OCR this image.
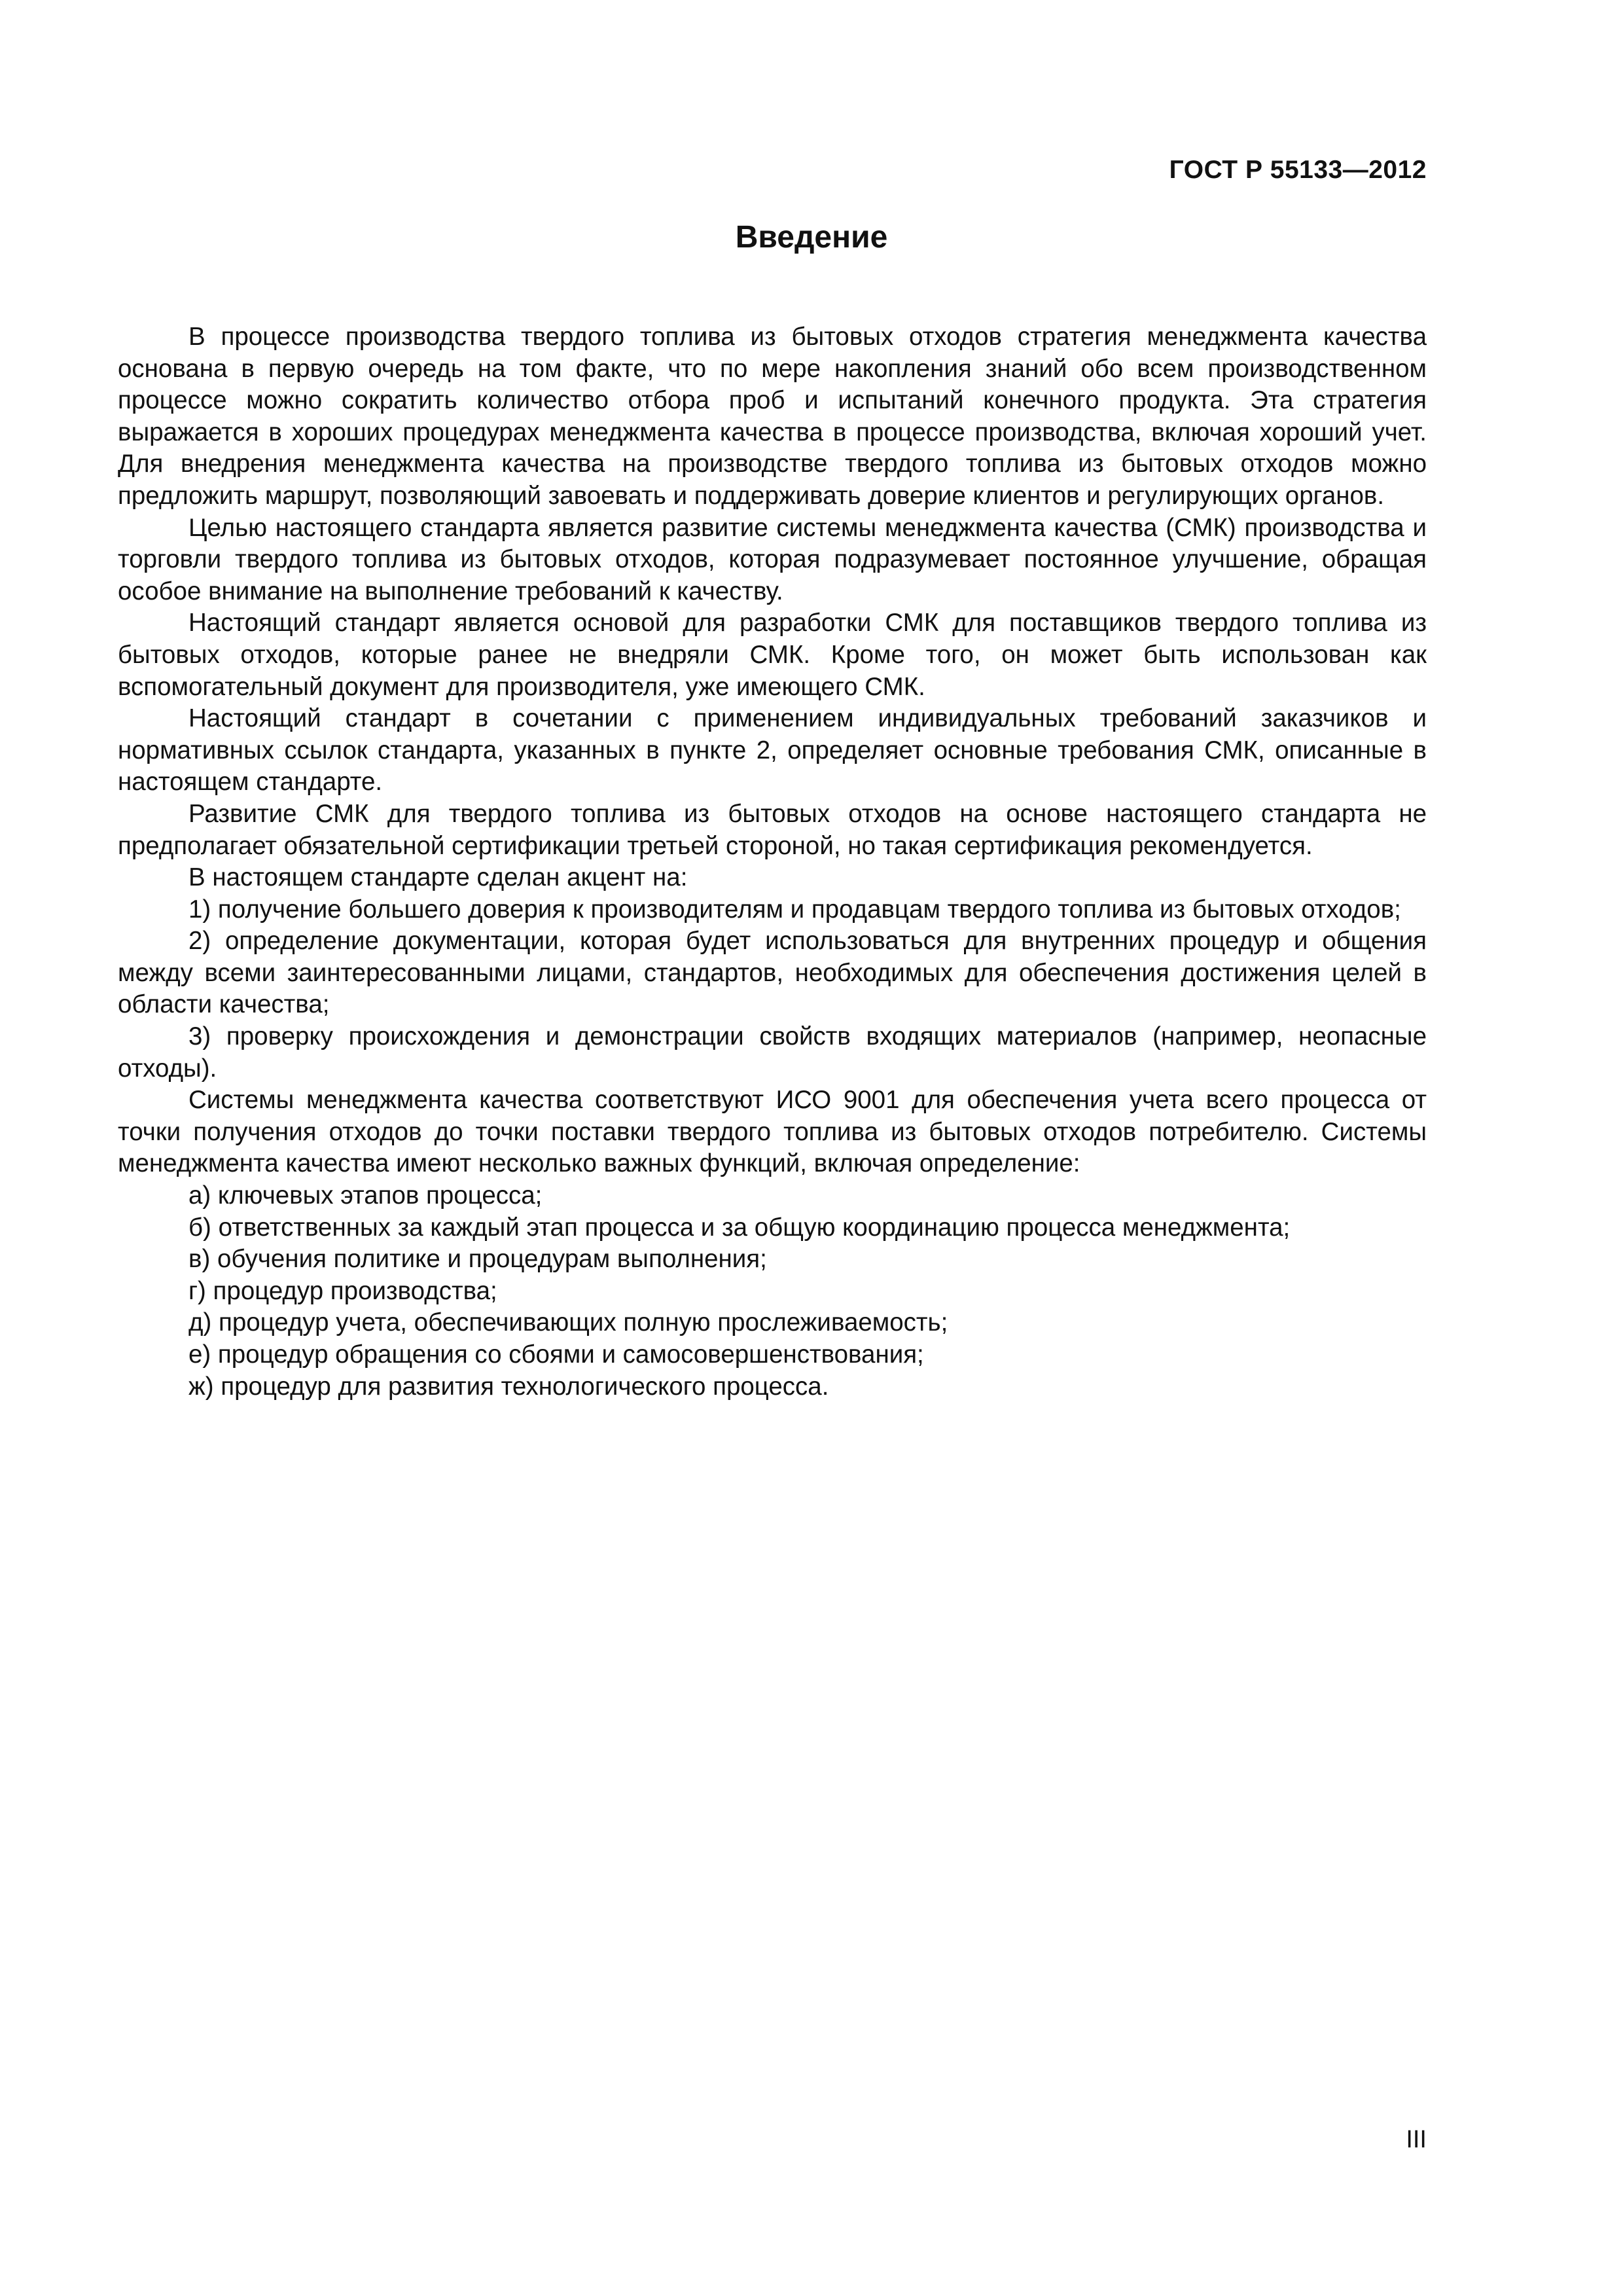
ГОСТ Р 55133—2012
Введение

В процессе производства твердого топлива из бытовых отходов стратегия менеджмента качества основана в первую очередь на том факте, что по мере накопления знаний обо всем производственном процессе можно сократить количество отбора проб и испытаний конечного продукта. Эта стратегия выражается в хороших процедурах менеджмента качества в процессе производства, включая хороший учет. Для внедрения менеджмента качества на производстве твердого топлива из бытовых отходов можно предложить маршрут, позволяющий завоевать и поддерживать доверие клиентов и регулирующих органов.

Целью настоящего стандарта является развитие системы менеджмента качества (СМК) производства и торговли твердого топлива из бытовых отходов, которая подразумевает постоянное улучшение, обращая особое внимание на выполнение требований к качеству.

Настоящий стандарт является основой для разработки СМК для поставщиков твердого топлива из бытовых отходов, которые ранее не внедряли СМК. Кроме того, он может быть использован как вспомогательный документ для производителя, уже имеющего СМК.

Настоящий стандарт в сочетании с применением индивидуальных требований заказчиков и нормативных ссылок стандарта, указанных в пункте 2, определяет основные требования СМК, описанные в настоящем стандарте.

Развитие СМК для твердого топлива из бытовых отходов на основе настоящего стандарта не предполагает обязательной сертификации третьей стороной, но такая сертификация рекомендуется.

В настоящем стандарте сделан акцент на:

1) получение большего доверия к производителям и продавцам твердого топлива из бытовых отходов;

2) определение документации, которая будет использоваться для внутренних процедур и общения между всеми заинтересованными лицами, стандартов, необходимых для обеспечения достижения целей в области качества;

3) проверку происхождения и демонстрации свойств входящих материалов (например, неопасные отходы).

Системы менеджмента качества соответствуют ИСО 9001 для обеспечения учета всего процесса от точки получения отходов до точки поставки твердого топлива из бытовых отходов потребителю. Системы менеджмента качества имеют несколько важных функций, включая определение:

а) ключевых этапов процесса;

б) ответственных за каждый этап процесса и за общую координацию процесса менеджмента;

в) обучения политике и процедурам выполнения;

г) процедур производства;

д) процедур учета, обеспечивающих полную прослеживаемость;

е) процедур обращения со сбоями и самосовершенствования;

ж) процедур для развития технологического процесса.

III
